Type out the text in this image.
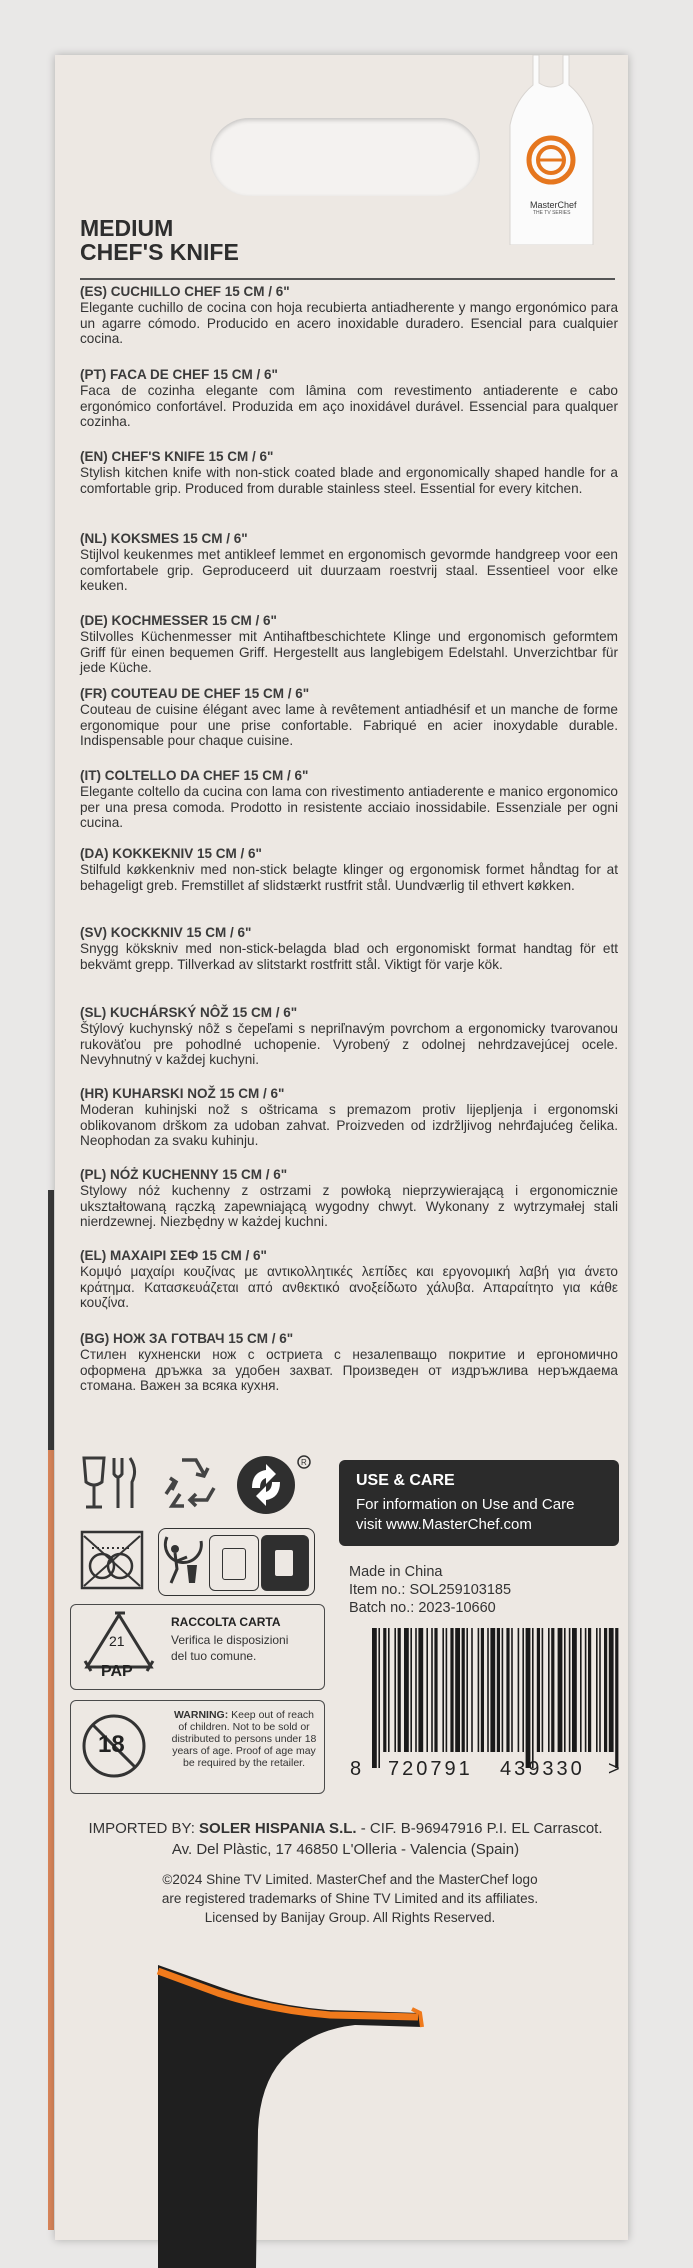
MasterChef
THE TV SERIES
MEDIUM
CHEF'S KNIFE
(ES) CUCHILLO CHEF 15 CM / 6"

Elegante cuchillo de cocina con hoja recubierta antiadherente y mango ergonómico para un agarre cómodo. Producido en acero inoxidable duradero. Esencial para cualquier cocina.

(PT) FACA DE CHEF 15 CM / 6"

Faca de cozinha elegante com lâmina com revestimento antiaderente e cabo ergonómico confortável. Produzida em aço inoxidável durável. Essencial para qualquer cozinha.

(EN) CHEF'S KNIFE 15 CM / 6"

Stylish kitchen knife with non-stick coated blade and ergonomically shaped handle for a comfortable grip. Produced from durable stainless steel. Essential for every kitchen.

(NL) KOKSMES 15 CM / 6"

Stijlvol keukenmes met antikleef lemmet en ergonomisch gevormde handgreep voor een comfortabele grip. Geproduceerd uit duurzaam roestvrij staal. Essentieel voor elke keuken.

(DE) KOCHMESSER 15 CM / 6"

Stilvolles Küchenmesser mit Antihaftbeschichtete Klinge und ergonomisch geformtem Griff für einen bequemen Griff. Hergestellt aus langlebigem Edelstahl. Unverzichtbar für jede Küche.

(FR) COUTEAU DE CHEF 15 CM / 6"

Couteau de cuisine élégant avec lame à revêtement antiadhésif et un manche de forme ergonomique pour une prise confortable. Fabriqué en acier inoxydable durable. Indispensable pour chaque cuisine.

(IT) COLTELLO DA CHEF 15 CM / 6"

Elegante coltello da cucina con lama con rivestimento antiaderente e manico ergonomico per una presa comoda. Prodotto in resistente acciaio inossidabile. Essenziale per ogni cucina.

(DA) KOKKEKNIV 15 CM / 6"

Stilfuld køkkenkniv med non-stick belagte klinger og ergonomisk formet håndtag for at behageligt greb. Fremstillet af slidstærkt rustfrit stål. Uundværlig til ethvert køkken.

(SV) KOCKKNIV 15 CM / 6"

Snygg kökskniv med non-stick-belagda blad och ergonomiskt format handtag för ett bekvämt grepp. Tillverkad av slitstarkt rostfritt stål. Viktigt för varje kök.

(SL) KUCHÁRSKÝ NÔŽ 15 CM / 6"

Štýlový kuchynský nôž s čepeľami s nepriľnavým povrchom a ergonomicky tvarovanou rukoväťou pre pohodlné uchopenie. Vyrobený z odolnej nehrdzavejúcej ocele. Nevyhnutný v každej kuchyni.

(HR) KUHARSKI NOŽ 15 CM / 6"

Moderan kuhinjski nož s oštricama s premazom protiv lijepljenja i ergonomski oblikovanom drškom za udoban zahvat. Proizveden od izdržljivog nehrđajućeg čelika. Neophodan za svaku kuhinju.

(PL) NÓŻ KUCHENNY 15 CM / 6"

Stylowy nóż kuchenny z ostrzami z powłoką nieprzywierającą i ergonomicznie ukształtowaną rączką zapewniającą wygodny chwyt. Wykonany z wytrzymałej stali nierdzewnej. Niezbędny w każdej kuchni.

(EL) ΜΑΧΑΙΡΙ ΣΕΦ 15 CM / 6"

Κομψό μαχαίρι κουζίνας με αντικολλητικές λεπίδες και εργονομική λαβή για άνετο κράτημα. Κατασκευάζεται από ανθεκτικό ανοξείδωτο χάλυβα. Απαραίτητο για κάθε κουζίνα.

(BG) НОЖ ЗА ГОТВАЧ 15 CM / 6"

Стилен кухненски нож с остриета с незалепващо покритие и ергономично оформена дръжка за удобен захват. Произведен от издръжлива неръждаема стомана. Важен за всяка кухня.

R
USE & CARE
For information on Use and Care
visit www.MasterChef.com
Made in China
Item no.: SOL259103185
Batch no.: 2023-10660
21
PAP
RACCOLTA CARTA
Verifica le disposizioni
del tuo comune.
18
WARNING: Keep out of reach of children. Not to be sold or distributed to persons under 18 years of age. Proof of age may be required by the retailer.	8 720791 439330 >
IMPORTED BY: SOLER HISPANIA S.L. - CIF. B-96947916 P.I. EL Carrascot.
Av. Del Plàstic, 17 46850 L'Olleria - Valencia (Spain)
©2024 Shine TV Limited. MasterChef and the MasterChef logo
are registered trademarks of Shine TV Limited and its affiliates.
Licensed by Banijay Group. All Rights Reserved.
